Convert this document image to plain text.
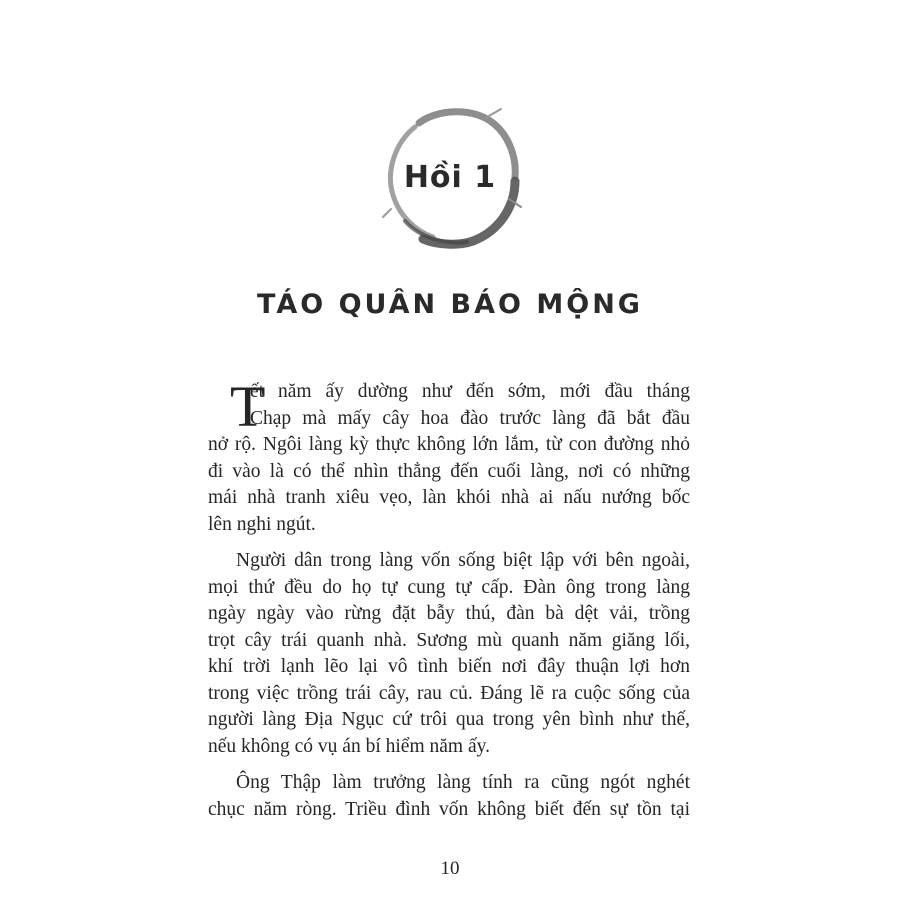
Hồi 1
TÁO QUÂN BÁO MỘNG
T
ết năm ấy dường như đến sớm, mới đầu tháng
Chạp mà mấy cây hoa đào trước làng đã bắt đầu
nở rộ. Ngôi làng kỳ thực không lớn lắm, từ con đường nhỏ
đi vào là có thể nhìn thẳng đến cuối làng, nơi có những
mái nhà tranh xiêu vẹo, làn khói nhà ai nấu nướng bốc
lên nghi ngút.
Người dân trong làng vốn sống biệt lập với bên ngoài,
mọi thứ đều do họ tự cung tự cấp. Đàn ông trong làng
ngày ngày vào rừng đặt bẫy thú, đàn bà dệt vải, trồng
trọt cây trái quanh nhà. Sương mù quanh năm giăng lối,
khí trời lạnh lẽo lại vô tình biến nơi đây thuận lợi hơn
trong việc trồng trái cây, rau củ. Đáng lẽ ra cuộc sống của
người làng Địa Ngục cứ trôi qua trong yên bình như thế,
nếu không có vụ án bí hiểm năm ấy.
Ông Thập làm trưởng làng tính ra cũng ngót nghét
chục năm ròng. Triều đình vốn không biết đến sự tồn tại
10
